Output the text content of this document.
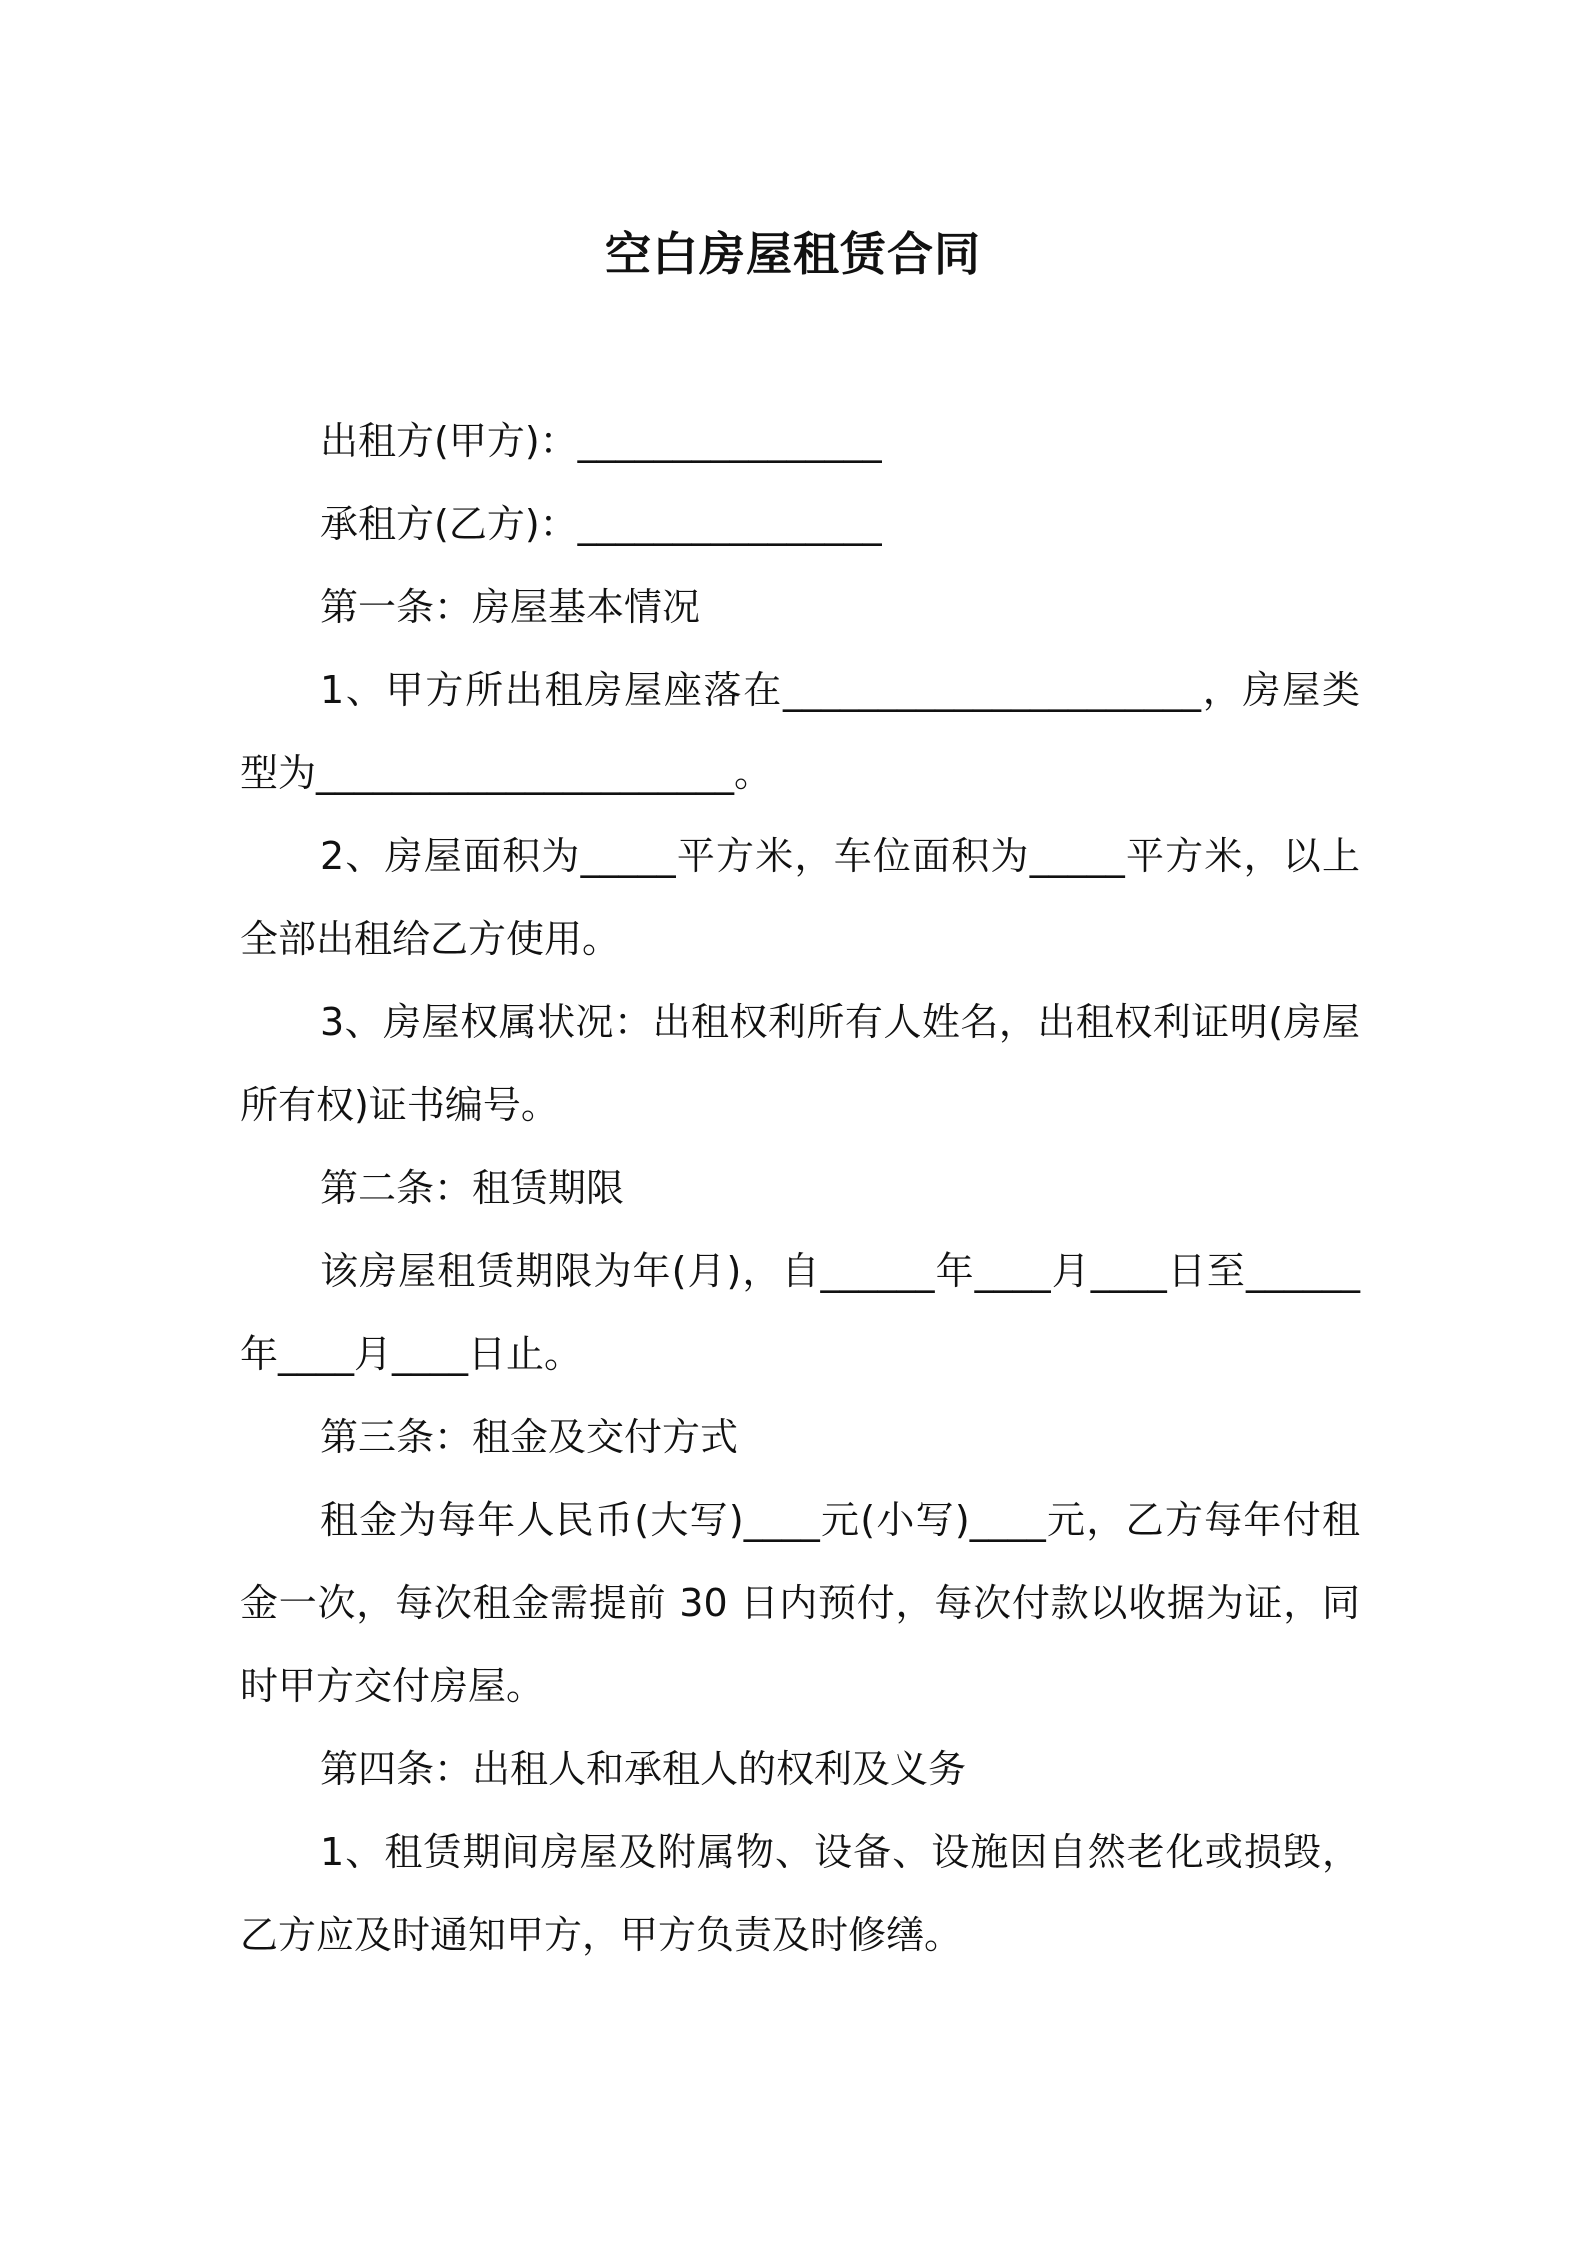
空白房屋租赁合同

出租方(甲方)：________________

承租方(乙方)：________________

第一条：房屋基本情况

1、甲方所出租房屋座落在______________________，房屋类型为______________________。

2、房屋面积为_____平方米，车位面积为_____平方米，以上全部出租给乙方使用。

3、房屋权属状况：出租权利所有人姓名，出租权利证明(房屋所有权)证书编号。

第二条：租赁期限

该房屋租赁期限为年(月)，自______年____月____日至______年____月____日止。

第三条：租金及交付方式

租金为每年人民币(大写)____元(小写)____元，乙方每年付租金一次，每次租金需提前 30 日内预付，每次付款以收据为证，同时甲方交付房屋。

第四条：出租人和承租人的权利及义务

1、租赁期间房屋及附属物、设备、设施因自然老化或损毁，乙方应及时通知甲方，甲方负责及时修缮。
